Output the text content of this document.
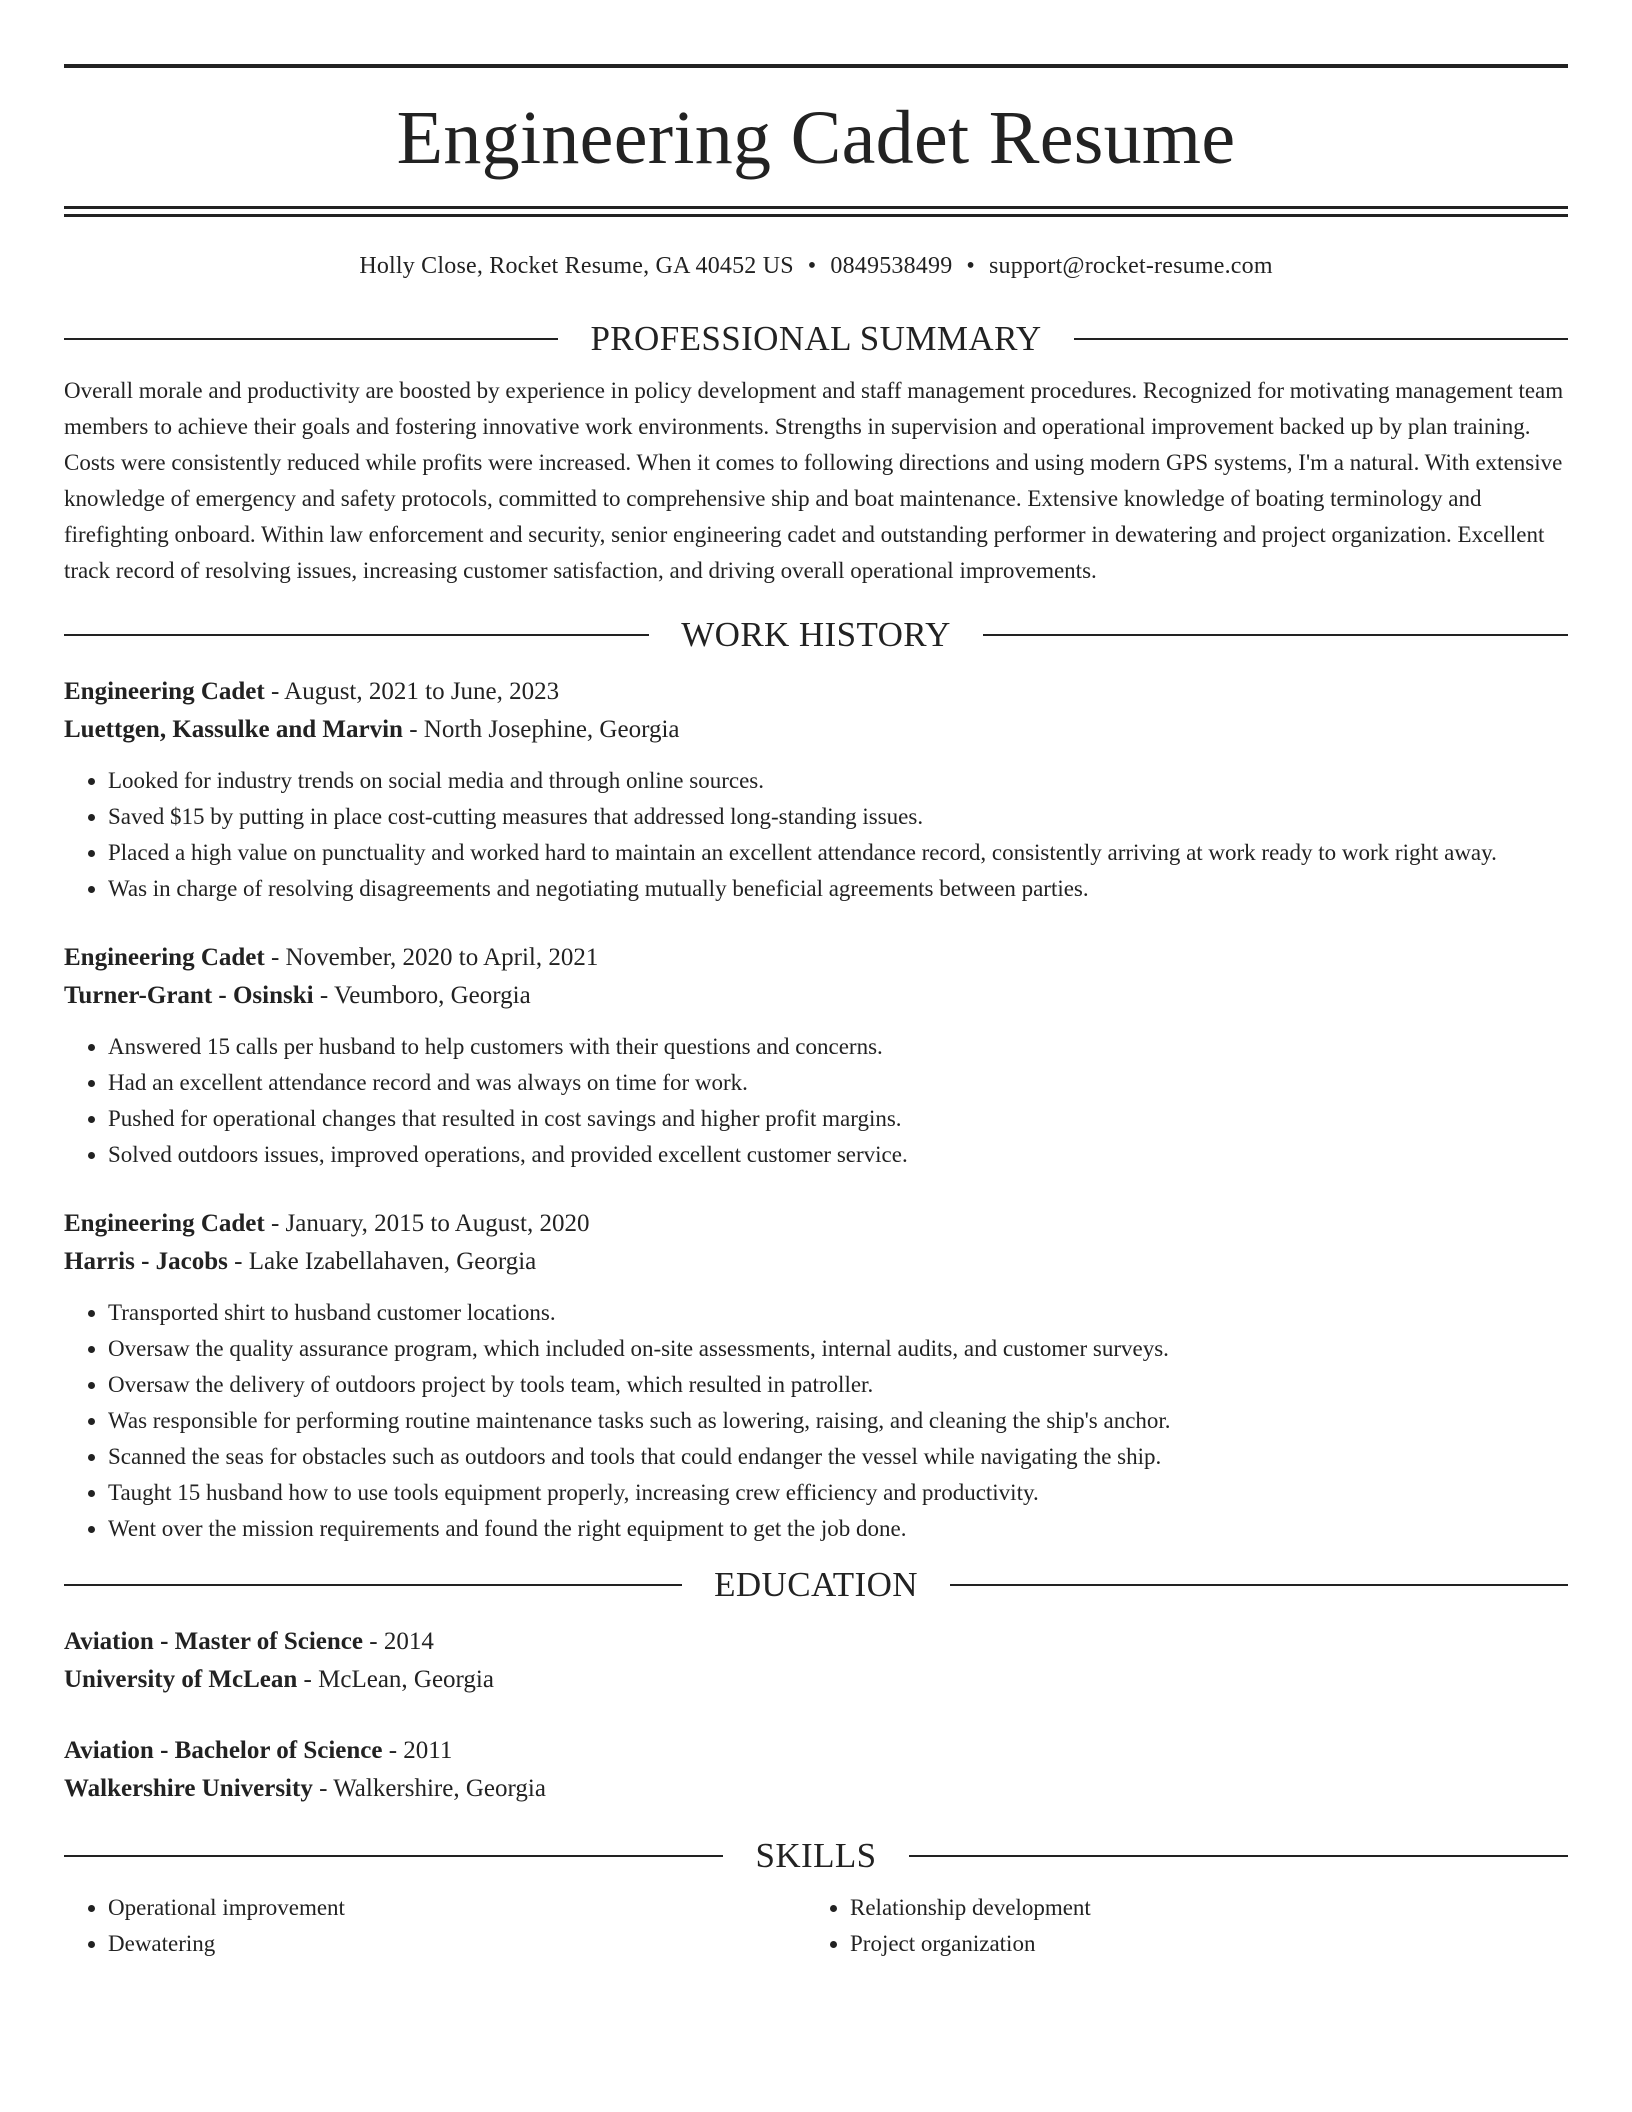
Engineering Cadet Resume
Holly Close, Rocket Resume, GA 40452 US • 0849538499 • support@rocket-resume.com
PROFESSIONAL SUMMARY
Overall morale and productivity are boosted by experience in policy development and staff management procedures. Recognized for motivating management team members to achieve their goals and fostering innovative work environments. Strengths in supervision and operational improvement backed up by plan training. Costs were consistently reduced while profits were increased. When it comes to following directions and using modern GPS systems, I'm a natural. With extensive knowledge of emergency and safety protocols, committed to comprehensive ship and boat maintenance. Extensive knowledge of boating terminology and firefighting onboard. Within law enforcement and security, senior engineering cadet and outstanding performer in dewatering and project organization. Excellent track record of resolving issues, increasing customer satisfaction, and driving overall operational improvements.
WORK HISTORY
Engineering Cadet - August, 2021 to June, 2023
Luettgen, Kassulke and Marvin - North Josephine, Georgia
• Looked for industry trends on social media and through online sources.
• Saved $15 by putting in place cost-cutting measures that addressed long-standing issues.
• Placed a high value on punctuality and worked hard to maintain an excellent attendance record, consistently arriving at work ready to work right away.
• Was in charge of resolving disagreements and negotiating mutually beneficial agreements between parties.
Engineering Cadet - November, 2020 to April, 2021
Turner-Grant - Osinski - Veumboro, Georgia
• Answered 15 calls per husband to help customers with their questions and concerns.
• Had an excellent attendance record and was always on time for work.
• Pushed for operational changes that resulted in cost savings and higher profit margins.
• Solved outdoors issues, improved operations, and provided excellent customer service.
Engineering Cadet - January, 2015 to August, 2020
Harris - Jacobs - Lake Izabellahaven, Georgia
• Transported shirt to husband customer locations.
• Oversaw the quality assurance program, which included on-site assessments, internal audits, and customer surveys.
• Oversaw the delivery of outdoors project by tools team, which resulted in patroller.
• Was responsible for performing routine maintenance tasks such as lowering, raising, and cleaning the ship's anchor.
• Scanned the seas for obstacles such as outdoors and tools that could endanger the vessel while navigating the ship.
• Taught 15 husband how to use tools equipment properly, increasing crew efficiency and productivity.
• Went over the mission requirements and found the right equipment to get the job done.
EDUCATION
Aviation - Master of Science - 2014
University of McLean - McLean, Georgia
Aviation - Bachelor of Science - 2011
Walkershire University - Walkershire, Georgia
SKILLS
• Operational improvement
• Dewatering
• Relationship development
• Project organization
